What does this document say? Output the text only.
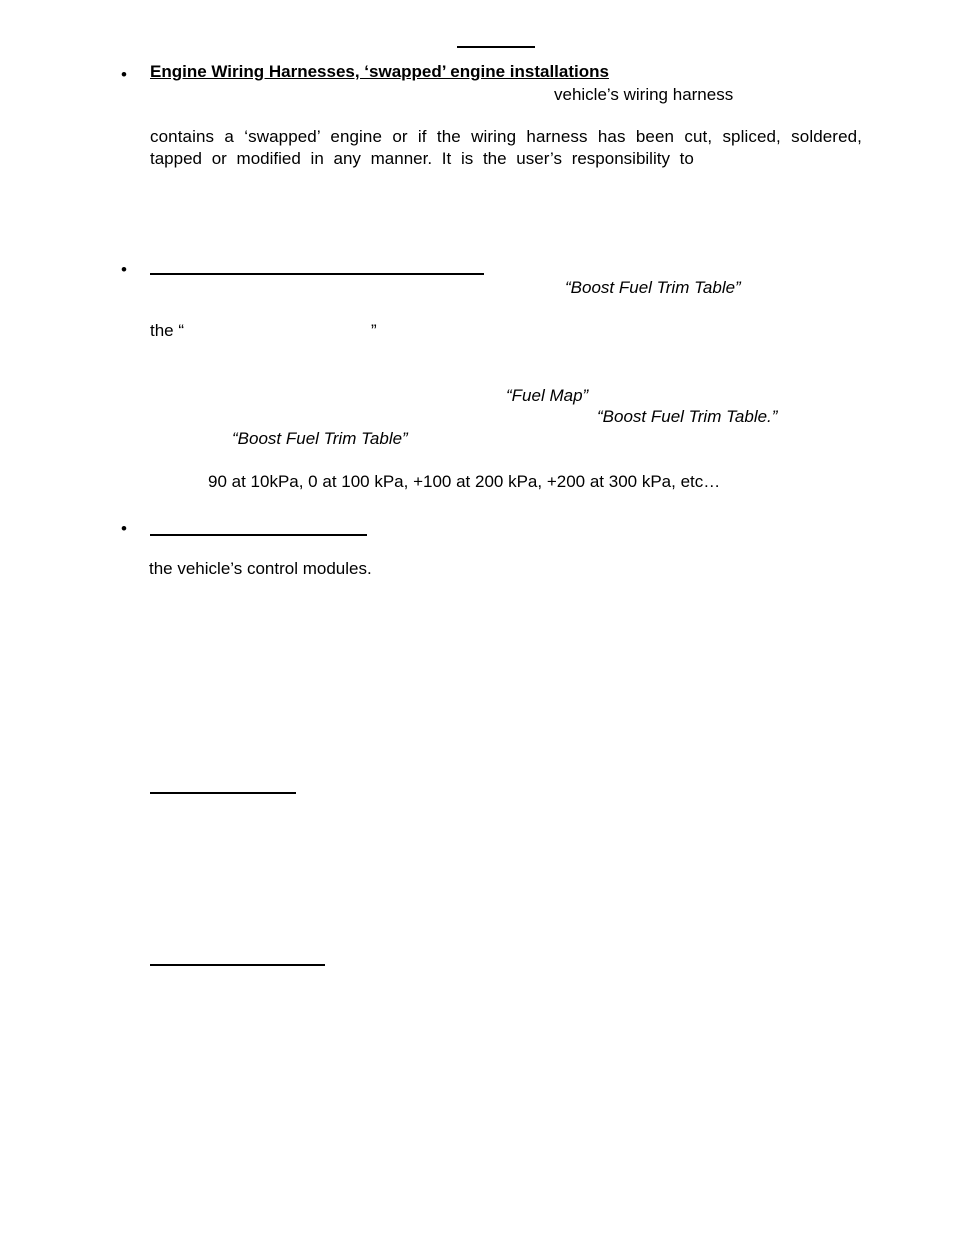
• Engine Wiring Harnesses, ‘swapped’ engine installations
vehicle’s wiring harness
contains a ‘swapped’ engine or if the wiring harness has been cut, spliced, soldered,
tapped or modified in any manner. It is the user’s responsibility to
•
“Boost Fuel Trim Table”
the “	”
“Fuel Map”
“Boost Fuel Trim Table.”
“Boost Fuel Trim Table”
90 at 10kPa, 0 at 100 kPa, +100 at 200 kPa, +200 at 300 kPa, etc…
•
the vehicle’s control modules.
